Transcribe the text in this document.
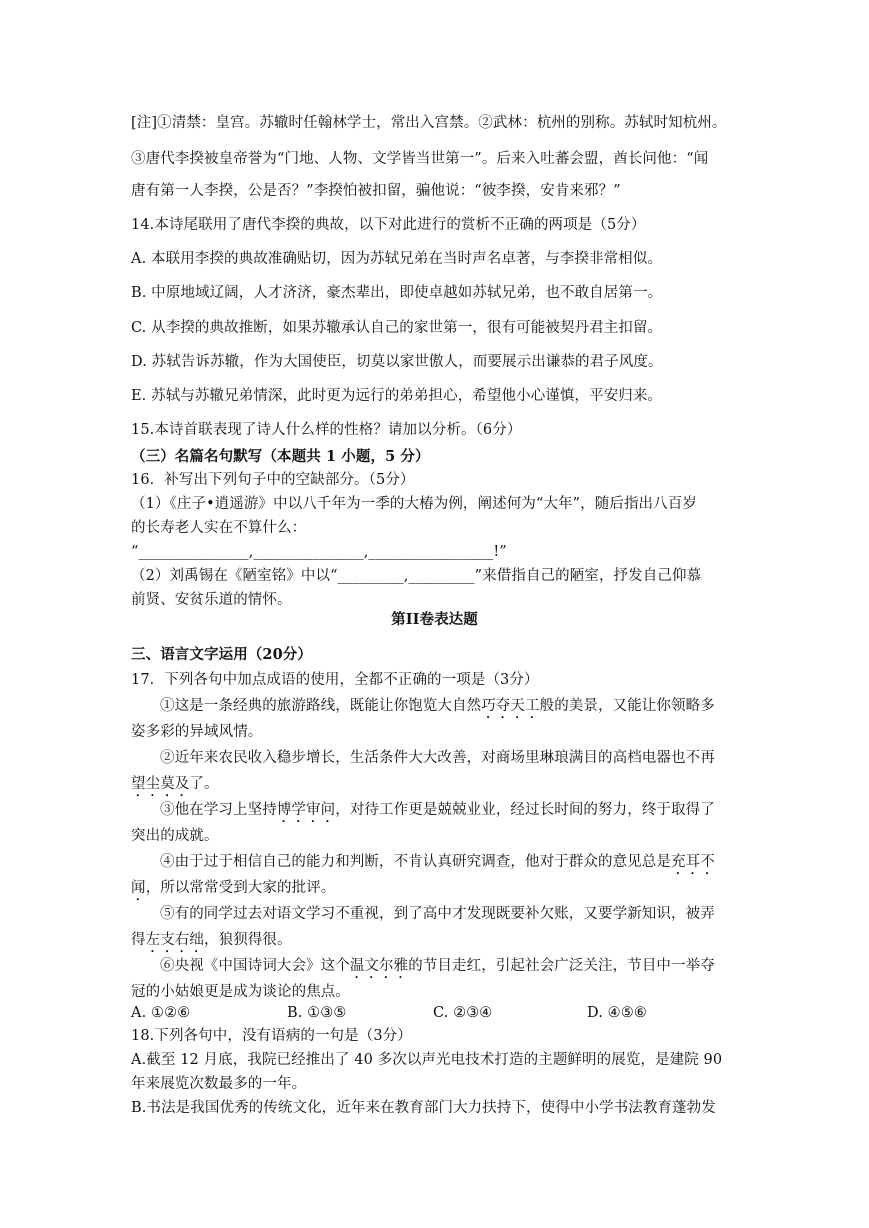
[注]①清禁：皇宫。苏辙时任翰林学士，常出入宫禁。②武林：杭州的别称。苏轼时知杭州。
③唐代李揆被皇帝誉为“门地、人物、文学皆当世第一”。后来入吐蕃会盟，酋长问他：“闻
唐有第一人李揆，公是否？”李揆怕被扣留，骗他说：“彼李揆，安肯来邪？”
14.本诗尾联用了唐代李揆的典故，以下对此进行的赏析不正确的两项是（5分）
A. 本联用李揆的典故准确贴切，因为苏轼兄弟在当时声名卓著，与李揆非常相似。
B. 中原地域辽阔，人才济济，豪杰辈出，即使卓越如苏轼兄弟，也不敢自居第一。
C. 从李揆的典故推断，如果苏辙承认自己的家世第一，很有可能被契丹君主扣留。
D. 苏轼告诉苏辙，作为大国使臣，切莫以家世傲人，而要展示出谦恭的君子风度。
E. 苏轼与苏辙兄弟情深，此时更为远行的弟弟担心，希望他小心谨慎，平安归来。
15.本诗首联表现了诗人什么样的性格？请加以分析。（6分）
（三）名篇名句默写（本题共 1 小题，5 分）
16．补写出下列句子中的空缺部分。（5分）
（1）《庄子•逍遥游》中以八千年为一季的大椿为例，阐述何为“大年”，随后指出八百岁
的长寿老人实在不算什么：
“_______________,_______________,_________________!”
（2）刘禹锡在《陋室铭》中以“_________,_________”来借指自己的陋室，抒发自己仰慕
前贤、安贫乐道的情怀。
第II卷表达题
三、语言文字运用（20分）
17．下列各句中加点成语的使用，全都不正确的一项是（3分）
①这是一条经典的旅游路线，既能让你饱览大自然巧夺天工般的美景，又能让你领略多
姿多彩的异域风情。
②近年来农民收入稳步增长，生活条件大大改善，对商场里琳琅满目的高档电器也不再
望尘莫及了。
③他在学习上坚持博学审问，对待工作更是兢兢业业，经过长时间的努力，终于取得了
突出的成就。
④由于过于相信自己的能力和判断，不肯认真研究调查，他对于群众的意见总是充耳不
闻，所以常常受到大家的批评。
⑤有的同学过去对语文学习不重视，到了高中才发现既要补欠账，又要学新知识，被弄
得左支右绌，狼狈得很。
⑥央视《中国诗词大会》这个温文尔雅的节目走红，引起社会广泛关注，节目中一举夺
冠的小姑娘更是成为谈论的焦点。
A. ①②⑥	B. ①③⑤	C. ②③④	D. ④⑤⑥
18.下列各句中，没有语病的一句是（3分）
A.截至 12 月底，我院已经推出了 40 多次以声光电技术打造的主题鲜明的展览，是建院 90
年来展览次数最多的一年。
B.书法是我国优秀的传统文化，近年来在教育部门大力扶持下，使得中小学书法教育蓬勃发
